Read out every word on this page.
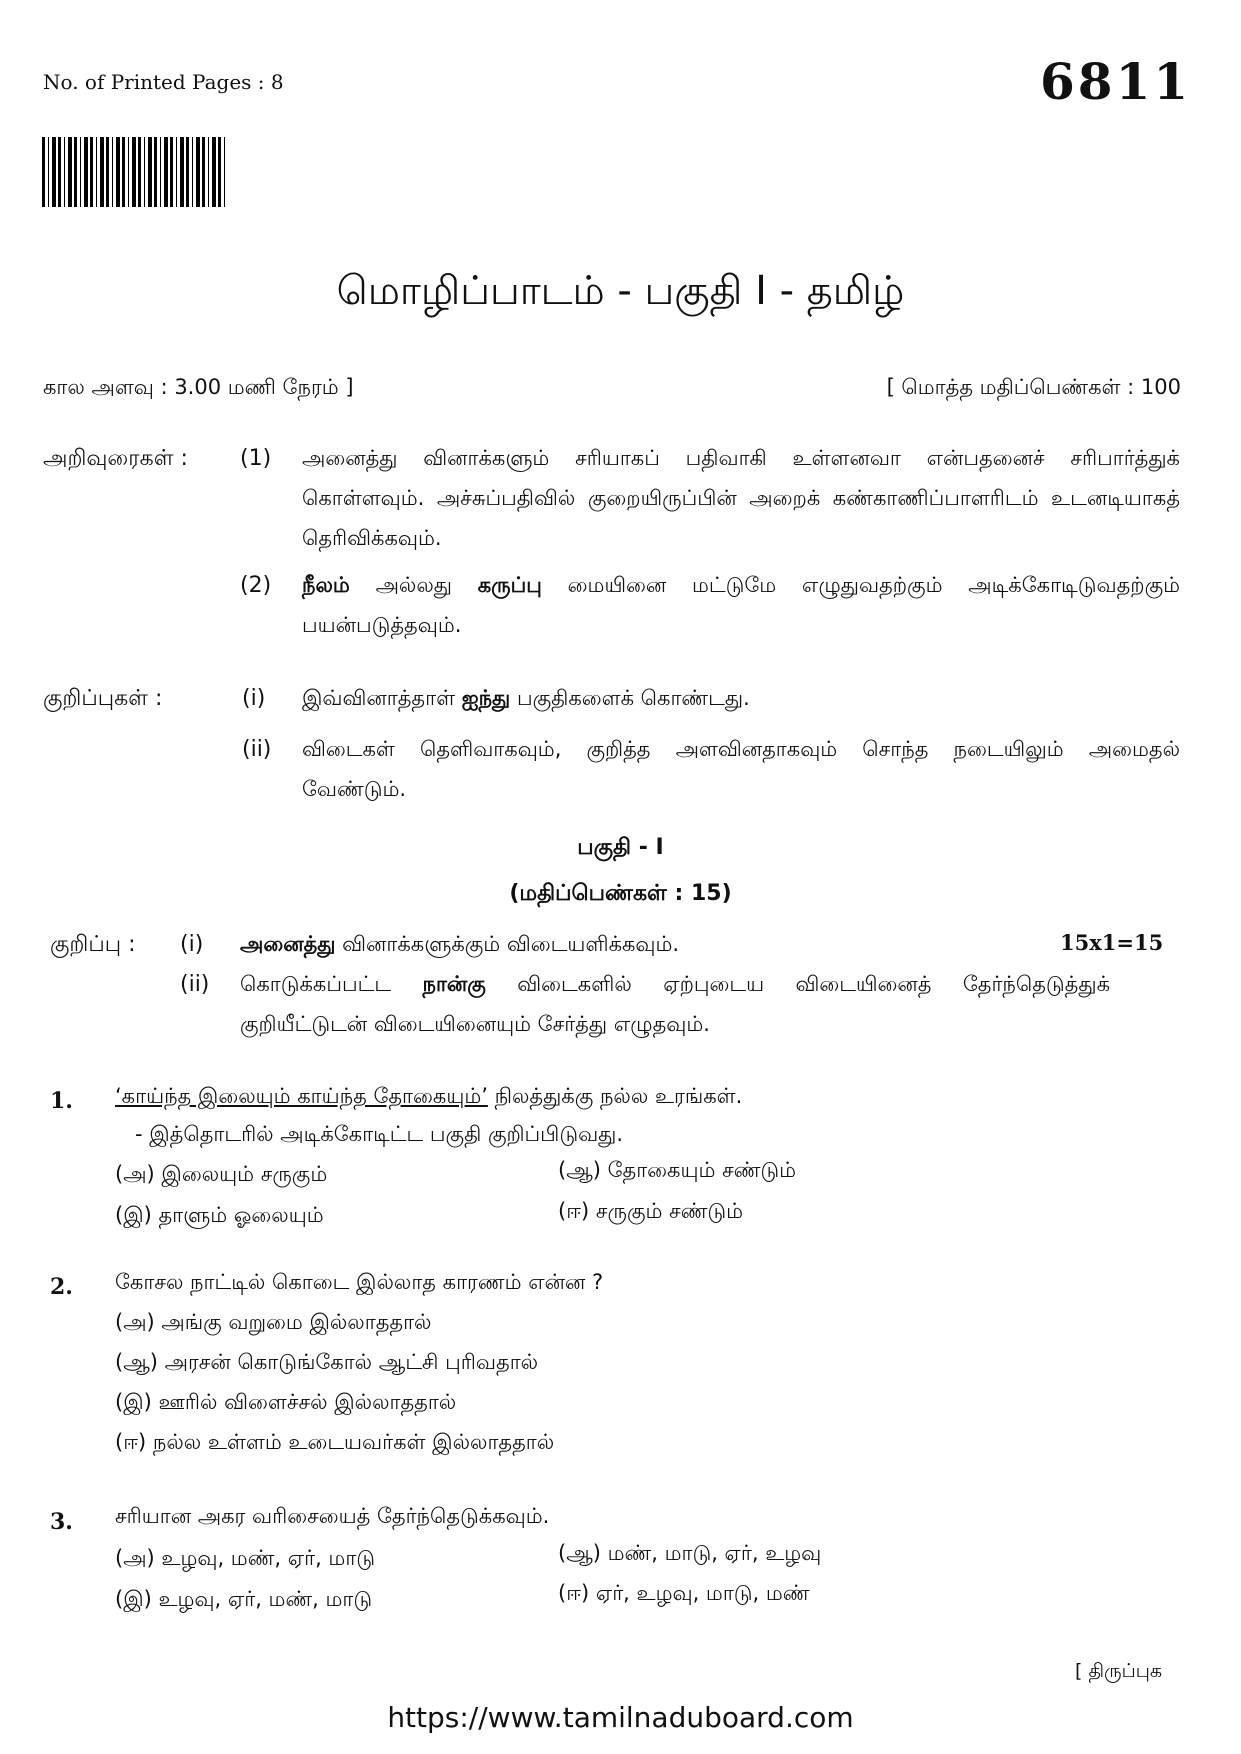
No. of Printed Pages : 8	6811
மொழிப்பாடம் - பகுதி I - தமிழ்
கால அளவு : 3.00 மணி நேரம் ]	[ மொத்த மதிப்பெண்கள் : 100
அறிவுரைகள் : (1) அனைத்து வினாக்களும் சரியாகப் பதிவாகி உள்ளனவா என்பதனைச் சரிபார்த்துக் கொள்ளவும். அச்சுப்பதிவில் குறையிருப்பின் அறைக் கண்காணிப்பாளரிடம் உடனடியாகத் தெரிவிக்கவும்.
(2) நீலம் அல்லது கருப்பு மையினை மட்டுமே எழுதுவதற்கும் அடிக்கோடிடுவதற்கும் பயன்படுத்தவும்.
குறிப்புகள் :	(i) இவ்வினாத்தாள் ஐந்து பகுதிகளைக் கொண்டது.
(ii) விடைகள் தெளிவாகவும், குறித்த அளவினதாகவும் சொந்த நடையிலும் அமைதல் வேண்டும்.
பகுதி - I
(மதிப்பெண்கள் : 15)
குறிப்பு : (i) அனைத்து வினாக்களுக்கும் விடையளிக்கவும்.	15x1=15
(ii) கொடுக்கப்பட்ட நான்கு விடைகளில் ஏற்புடைய விடையினைத் தேர்ந்தெடுத்துக் குறியீட்டுடன் விடையினையும் சேர்த்து எழுதவும்.
1. ‘காய்ந்த இலையும் காய்ந்த தோகையும்’ நிலத்துக்கு நல்ல உரங்கள்.
- இத்தொடரில் அடிக்கோடிட்ட பகுதி குறிப்பிடுவது.
(அ) இலையும் சருகும்	(ஆ) தோகையும் சண்டும்
(இ) தாளும் ஓலையும்	(ஈ) சருகும் சண்டும்
2. கோசல நாட்டில் கொடை இல்லாத காரணம் என்ன ?
(அ) அங்கு வறுமை இல்லாததால்
(ஆ) அரசன் கொடுங்கோல் ஆட்சி புரிவதால்
(இ) ஊரில் விளைச்சல் இல்லாததால்
(ஈ) நல்ல உள்ளம் உடையவர்கள் இல்லாததால்
3. சரியான அகர வரிசையைத் தேர்ந்தெடுக்கவும்.
(அ) உழவு, மண், ஏர், மாடு	(ஆ) மண், மாடு, ஏர், உழவு
(இ) உழவு, ஏர், மண், மாடு	(ஈ) ஏர், உழவு, மாடு, மண்
[ திருப்புக
https://www.tamilnaduboard.com
